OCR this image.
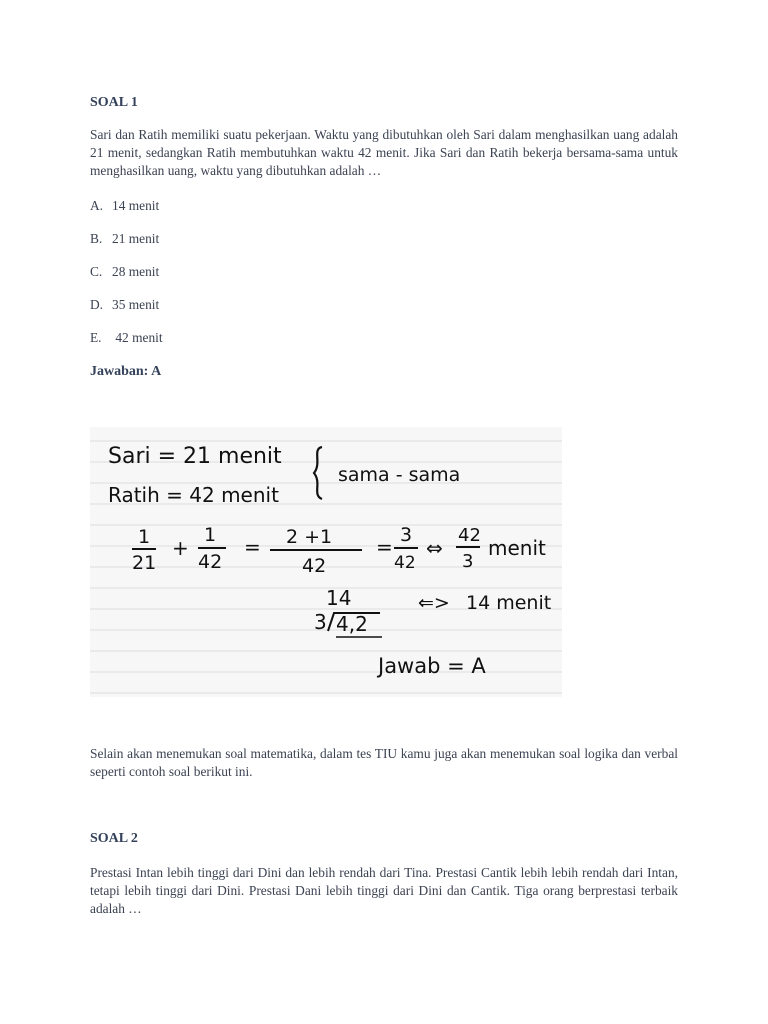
SOAL 1
Sari dan Ratih memiliki suatu pekerjaan. Waktu yang dibutuhkan oleh Sari dalam menghasilkan uang adalah 21 menit, sedangkan Ratih membutuhkan waktu 42 menit. Jika Sari dan Ratih bekerja bersama-sama untuk menghasilkan uang, waktu yang dibutuhkan adalah …
A. 14 menit
B. 21 menit
C. 28 menit
D. 35 menit
E. 42 menit
Jawaban: A
Sari = 21 menit
Ratih = 42 menit
sama - sama
1
21
+
1
42
= 2 +1
42
= 3
42
⇔
42
3
menit
14
3 4,2
⇐> 14 menit
Jawab = A
Selain akan menemukan soal matematika, dalam tes TIU kamu juga akan menemukan soal logika dan verbal seperti contoh soal berikut ini.
SOAL 2
Prestasi Intan lebih tinggi dari Dini dan lebih rendah dari Tina. Prestasi Cantik lebih lebih rendah dari Intan, tetapi lebih tinggi dari Dini. Prestasi Dani lebih tinggi dari Dini dan Cantik. Tiga orang berprestasi terbaik adalah …
